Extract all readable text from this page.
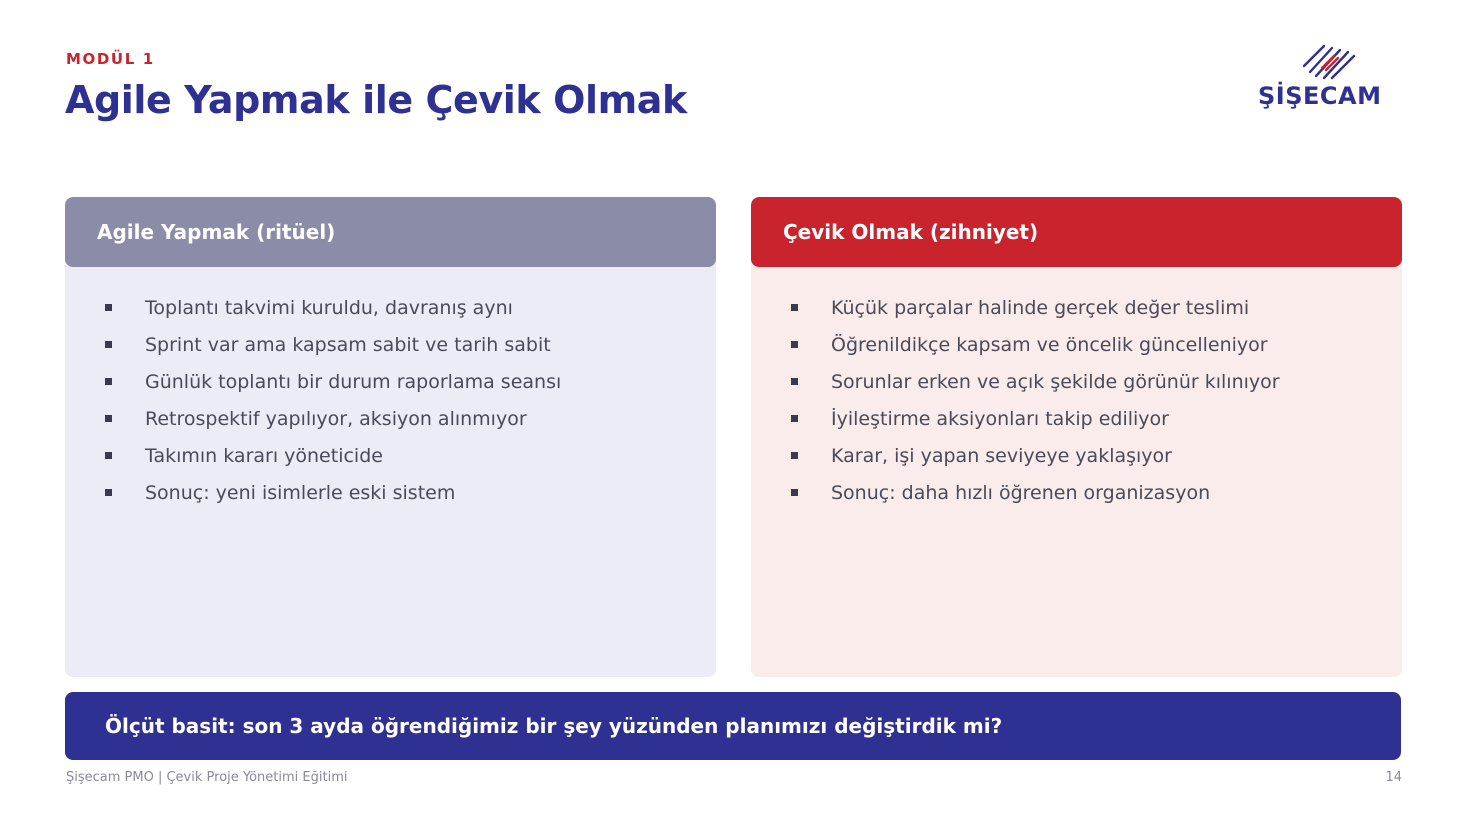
MODÜL 1
Agile Yapmak ile Çevik Olmak	ŞİŞECAM
Agile Yapmak (ritüel)
Toplantı takvimi kuruldu, davranış aynı
Sprint var ama kapsam sabit ve tarih sabit
Günlük toplantı bir durum raporlama seansı
Retrospektif yapılıyor, aksiyon alınmıyor
Takımın kararı yöneticide
Sonuç: yeni isimlerle eski sistem
Çevik Olmak (zihniyet)
Küçük parçalar halinde gerçek değer teslimi
Öğrenildikçe kapsam ve öncelik güncelleniyor
Sorunlar erken ve açık şekilde görünür kılınıyor
İyileştirme aksiyonları takip ediliyor
Karar, işi yapan seviyeye yaklaşıyor
Sonuç: daha hızlı öğrenen organizasyon
Ölçüt basit: son 3 ayda öğrendiğimiz bir şey yüzünden planımızı değiştirdik mi?
Şişecam PMO | Çevik Proje Yönetimi Eğitimi	14
